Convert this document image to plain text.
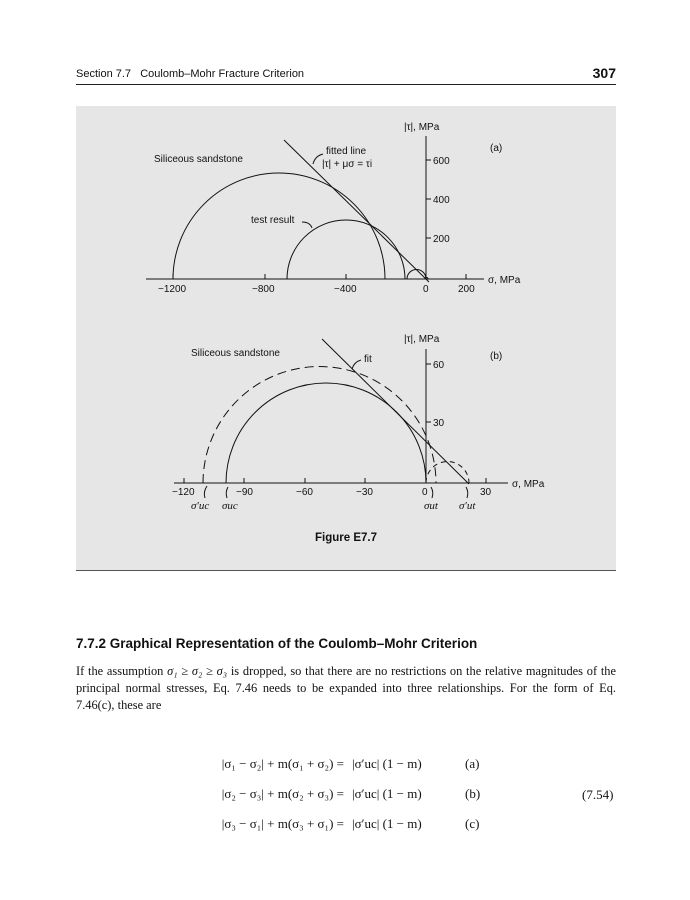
Section 7.7 Coulomb–Mohr Fracture Criterion	307
|τ|, MPa
(a)
Siliceous sandstone
fitted line
|τ| + μσ = τi
test result
600
400
200
−1200	−800	−400	0	200
σ, MPa
|τ|, MPa
(b)
Siliceous sandstone
fit
60
30
−120	−90	−60	−30	0	30
σ, MPa
σ′uc σuc	σut σ′ut
Figure E7.7
7.7.2 Graphical Representation of the Coulomb–Mohr Criterion
If the assumption σ₁ ≥ σ₂ ≥ σ₃ is dropped, so that there are no restrictions on the relative magnitudes of the principal normal stresses, Eq. 7.46 needs to be expanded into three relationships. For the form of Eq. 7.46(c), these are
|σ₁ − σ₂| + m(σ₁ + σ₂) = |σ′uc| (1 − m)	(a)
|σ₂ − σ₃| + m(σ₂ + σ₃) = |σ′uc| (1 − m)	(b)
|σ₃ − σ₁| + m(σ₃ + σ₁) = |σ′uc| (1 − m)	(c)
(7.54)
